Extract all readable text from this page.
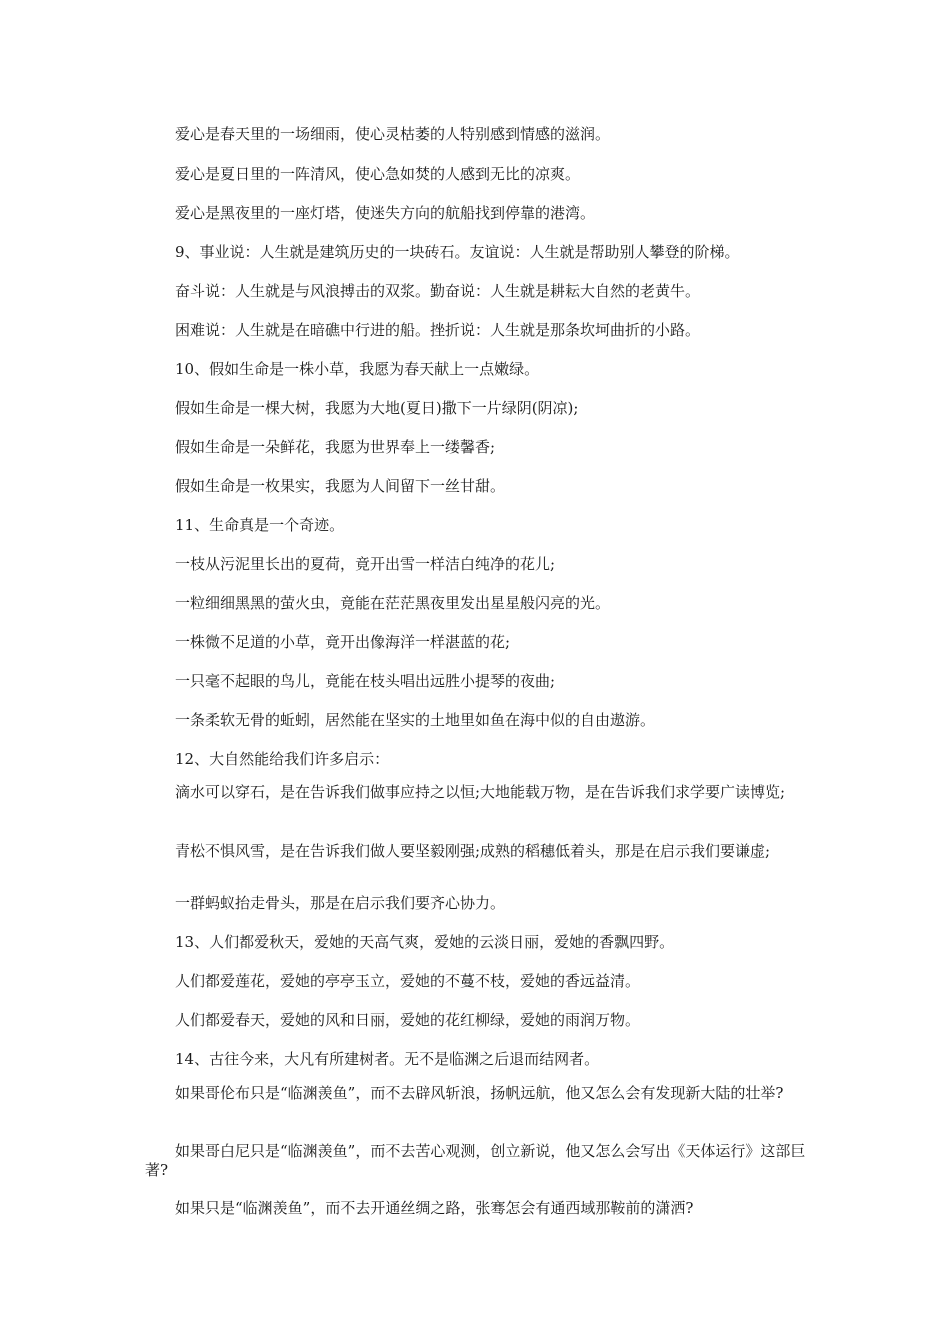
爱心是春天里的一场细雨，使心灵枯萎的人特别感到情感的滋润。

爱心是夏日里的一阵清风，使心急如焚的人感到无比的凉爽。

爱心是黑夜里的一座灯塔，使迷失方向的航船找到停靠的港湾。

9、事业说：人生就是建筑历史的一块砖石。友谊说：人生就是帮助别人攀登的阶梯。

奋斗说：人生就是与风浪搏击的双浆。勤奋说：人生就是耕耘大自然的老黄牛。

困难说：人生就是在暗礁中行进的船。挫折说：人生就是那条坎坷曲折的小路。

10、假如生命是一株小草，我愿为春天献上一点嫩绿。

假如生命是一棵大树，我愿为大地(夏日)撒下一片绿阴(阴凉);

假如生命是一朵鲜花，我愿为世界奉上一缕馨香;

假如生命是一枚果实，我愿为人间留下一丝甘甜。

11、生命真是一个奇迹。

一枝从污泥里长出的夏荷，竟开出雪一样洁白纯净的花儿;

一粒细细黑黑的萤火虫，竟能在茫茫黑夜里发出星星般闪亮的光。

一株微不足道的小草，竟开出像海洋一样湛蓝的花;

一只毫不起眼的鸟儿，竟能在枝头唱出远胜小提琴的夜曲;

一条柔软无骨的蚯蚓，居然能在坚实的土地里如鱼在海中似的自由遨游。

12、大自然能给我们许多启示：

滴水可以穿石，是在告诉我们做事应持之以恒;大地能载万物，是在告诉我们求学要广读博览;

青松不惧风雪，是在告诉我们做人要坚毅刚强;成熟的稻穗低着头，那是在启示我们要谦虚;

一群蚂蚁抬走骨头，那是在启示我们要齐心协力。

13、人们都爱秋天，爱她的天高气爽，爱她的云淡日丽，爱她的香飘四野。

人们都爱莲花，爱她的亭亭玉立，爱她的不蔓不枝，爱她的香远益清。

人们都爱春天，爱她的风和日丽，爱她的花红柳绿，爱她的雨润万物。

14、古往今来，大凡有所建树者。无不是临渊之后退而结网者。

如果哥伦布只是“临渊羡鱼”，而不去辟风斩浪，扬帆远航，他又怎么会有发现新大陆的壮举?

如果哥白尼只是“临渊羡鱼”，而不去苦心观测，创立新说，他又怎么会写出《天体运行》这部巨著?

如果只是“临渊羡鱼”，而不去开通丝绸之路，张骞怎会有通西域那鞍前的潇洒?
